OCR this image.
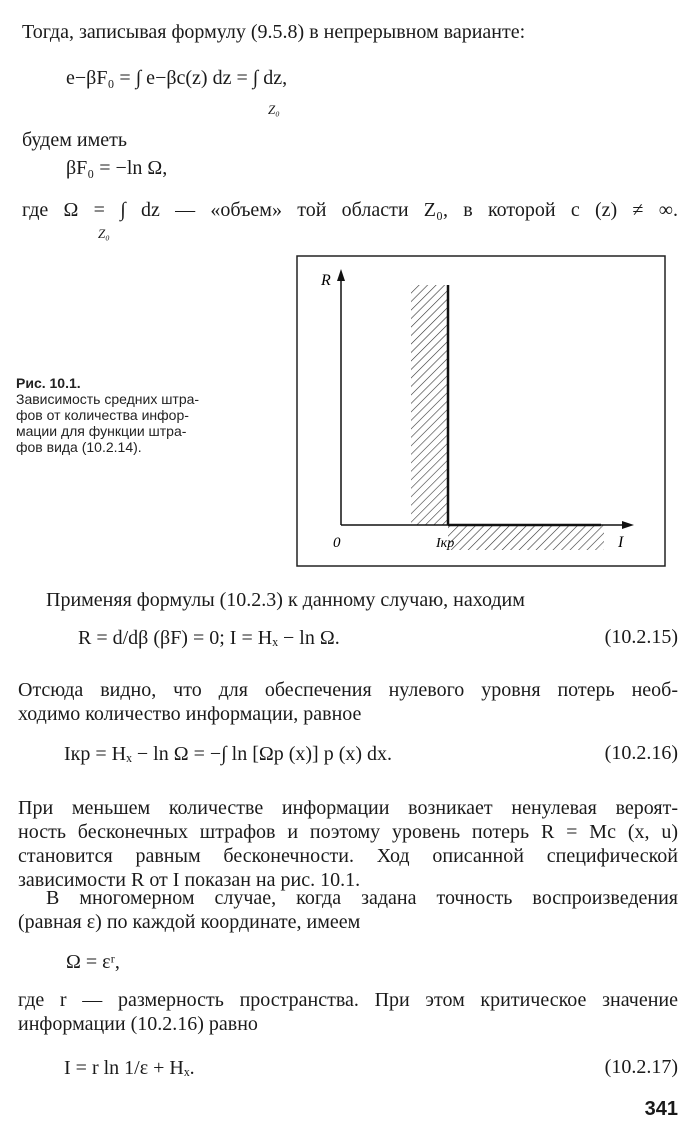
Тогда, записывая формулу (9.5.8) в непрерывном варианте:
e−βF₀ = ∫ e−βc(z) dz = ∫ dz,
Z₀
будем иметь
βF₀ = −ln Ω,
где Ω = ∫ dz — «объем» той области Z₀, в которой c (z) ≠ ∞.
Z₀
R
0	Iкр	I
Рис. 10.1.
Зависимость средних штра-
фов от количества инфор-
мации для функции штра-
фов вида (10.2.14).
Применяя формулы (10.2.3) к данному случаю, находим
R = d/dβ (βF) = 0; I = Hₓ − ln Ω.	(10.2.15)
Отсюда видно, что для обеспечения нулевого уровня потерь необ-
ходимо количество информации, равное
Iкр = Hₓ − ln Ω = −∫ ln [Ωp (x)] p (x) dx.	(10.2.16)
При меньшем количестве информации возникает ненулевая вероят-
ность бесконечных штрафов и поэтому уровень потерь R = Mc (x, u)
становится равным бесконечности. Ход описанной специфической
зависимости R от I показан на рис. 10.1.
В многомерном случае, когда задана точность воспроизведения
(равная ε) по каждой координате, имеем
Ω = εʳ,
где r — размерность пространства. При этом критическое значение
информации (10.2.16) равно
I = r ln 1/ε + Hₓ.	(10.2.17)
341
